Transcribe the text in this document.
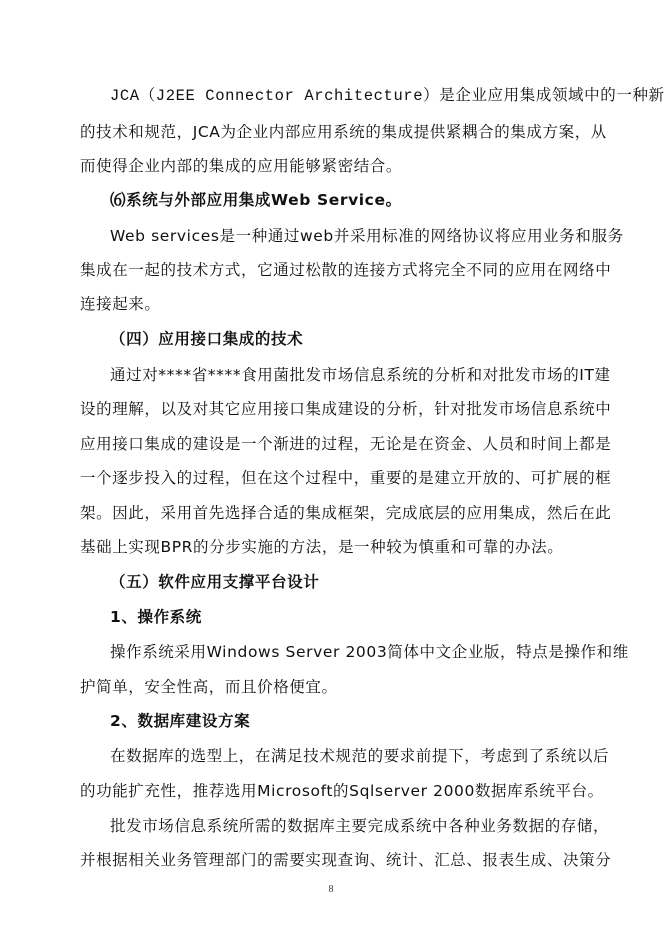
JCA（J2EE Connector Architecture）是企业应用集成领域中的一种新
的技术和规范，JCA为企业内部应用系统的集成提供紧耦合的集成方案，从
而使得企业内部的集成的应用能够紧密结合。
⑹系统与外部应用集成Web Service。
Web services是一种通过web并采用标准的网络协议将应用业务和服务
集成在一起的技术方式，它通过松散的连接方式将完全不同的应用在网络中
连接起来。
（四）应用接口集成的技术
通过对****省****食用菌批发市场信息系统的分析和对批发市场的IT建
设的理解，以及对其它应用接口集成建设的分析，针对批发市场信息系统中
应用接口集成的建设是一个渐进的过程，无论是在资金、人员和时间上都是
一个逐步投入的过程，但在这个过程中，重要的是建立开放的、可扩展的框
架。因此，采用首先选择合适的集成框架，完成底层的应用集成，然后在此
基础上实现BPR的分步实施的方法，是一种较为慎重和可靠的办法。
（五）软件应用支撑平台设计
1、操作系统
操作系统采用Windows Server 2003简体中文企业版，特点是操作和维
护简单，安全性高，而且价格便宜。
2、数据库建设方案
在数据库的选型上，在满足技术规范的要求前提下，考虑到了系统以后
的功能扩充性，推荐选用Microsoft的Sqlserver 2000数据库系统平台。
批发市场信息系统所需的数据库主要完成系统中各种业务数据的存储，
并根据相关业务管理部门的需要实现查询、统计、汇总、报表生成、决策分
8
